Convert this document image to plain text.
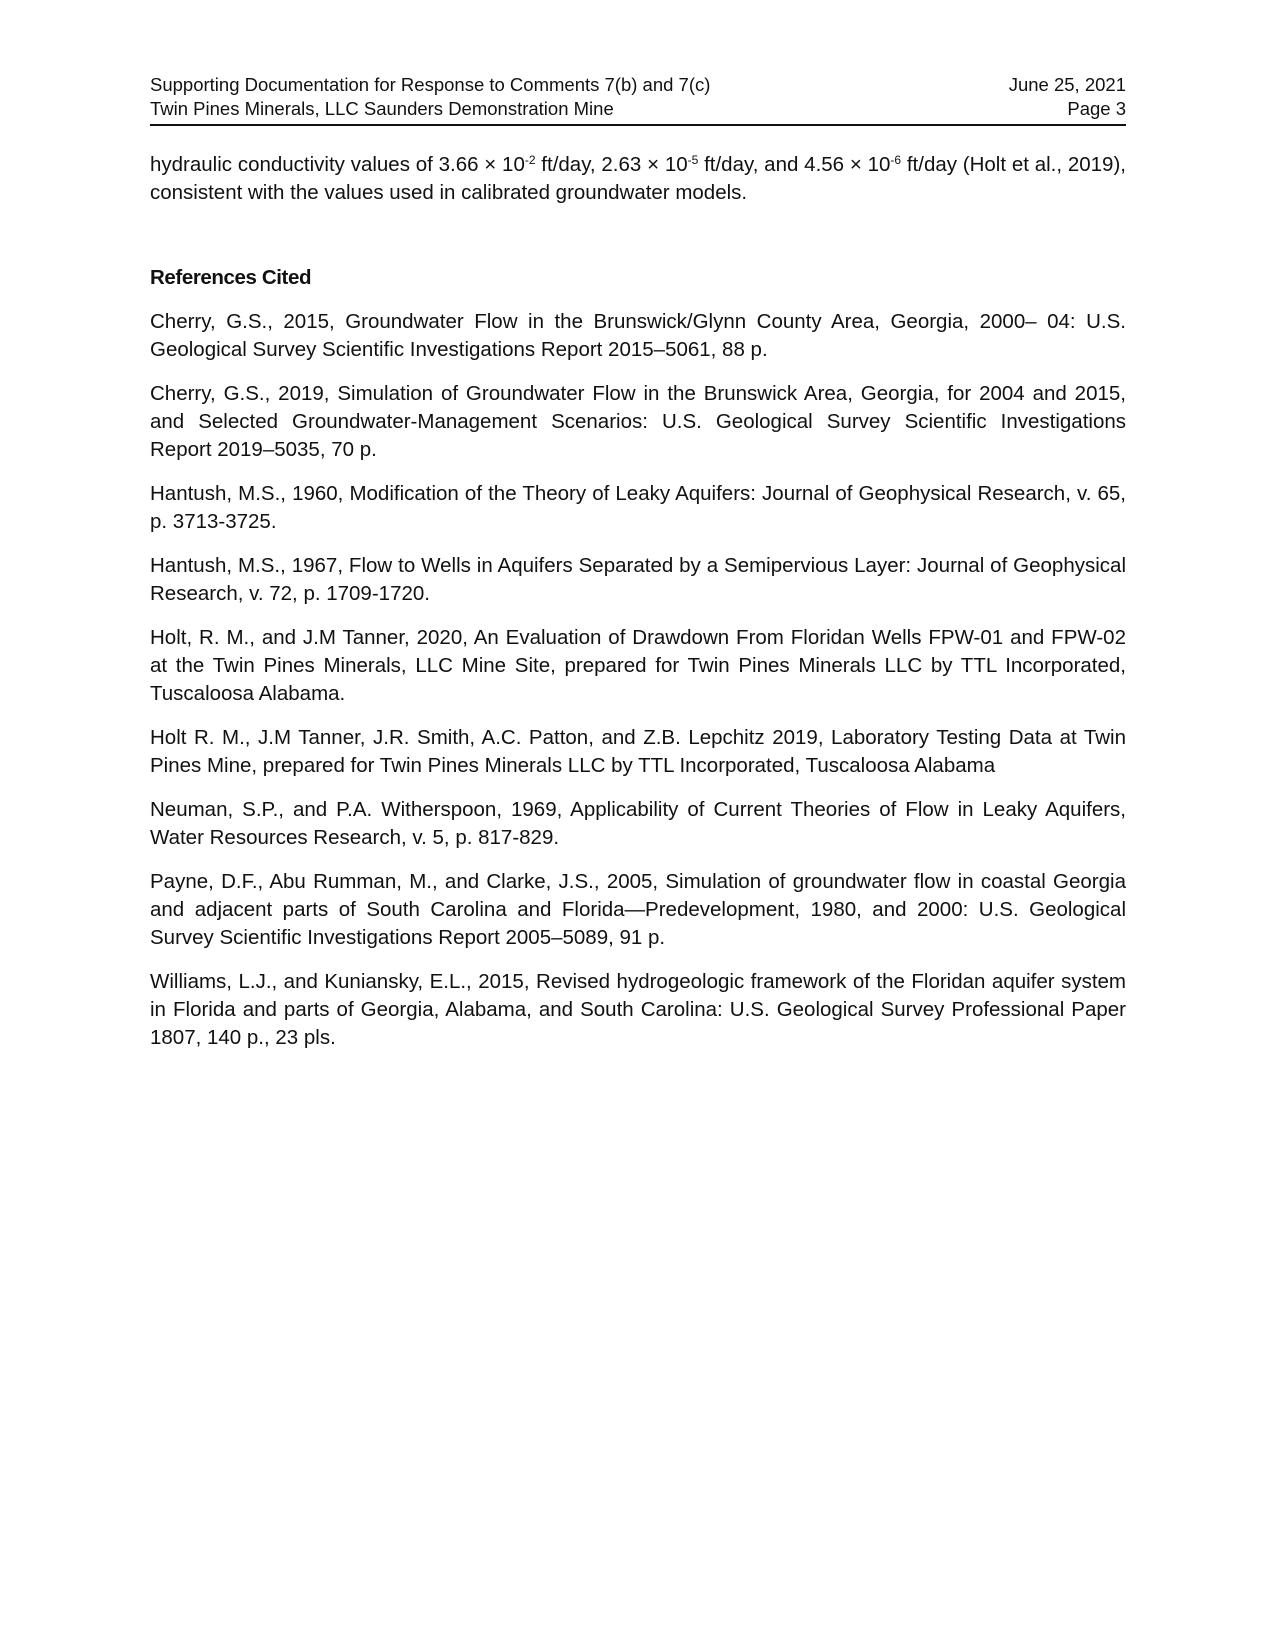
Supporting Documentation for Response to Comments 7(b) and 7(c)	June 25, 2021
Twin Pines Minerals, LLC Saunders Demonstration Mine	Page 3

hydraulic conductivity values of $3.66 \times 10^{-2}$ ft/day, $2.63 \times 10^{-5}$ ft/day, and $4.56 \times 10^{-6}$ ft/day (Holt et al., 2019), consistent with the values used in calibrated groundwater models.

References Cited

Cherry, G.S., 2015, Groundwater Flow in the Brunswick/Glynn County Area, Georgia, 2000– 04: U.S. Geological Survey Scientific Investigations Report 2015–5061, 88 p.

Cherry, G.S., 2019, Simulation of Groundwater Flow in the Brunswick Area, Georgia, for 2004 and 2015, and Selected Groundwater-Management Scenarios: U.S. Geological Survey Scientific Investigations Report 2019–5035, 70 p.

Hantush, M.S., 1960, Modification of the Theory of Leaky Aquifers: Journal of Geophysical Research, v. 65, p. 3713-3725.

Hantush, M.S., 1967, Flow to Wells in Aquifers Separated by a Semipervious Layer: Journal of Geophysical Research, v. 72, p. 1709-1720.

Holt, R. M., and J.M Tanner, 2020, An Evaluation of Drawdown From Floridan Wells FPW-01 and FPW-02 at the Twin Pines Minerals, LLC Mine Site, prepared for Twin Pines Minerals LLC by TTL Incorporated, Tuscaloosa Alabama.

Holt R. M., J.M Tanner, J.R. Smith, A.C. Patton, and Z.B. Lepchitz 2019, Laboratory Testing Data at Twin Pines Mine, prepared for Twin Pines Minerals LLC by TTL Incorporated, Tuscaloosa Alabama

Neuman, S.P., and P.A. Witherspoon, 1969, Applicability of Current Theories of Flow in Leaky Aquifers, Water Resources Research, v. 5, p. 817-829.

Payne, D.F., Abu Rumman, M., and Clarke, J.S., 2005, Simulation of groundwater flow in coastal Georgia and adjacent parts of South Carolina and Florida—Predevelopment, 1980, and 2000: U.S. Geological Survey Scientific Investigations Report 2005–5089, 91 p.

Williams, L.J., and Kuniansky, E.L., 2015, Revised hydrogeologic framework of the Floridan aquifer system in Florida and parts of Georgia, Alabama, and South Carolina: U.S. Geological Survey Professional Paper 1807, 140 p., 23 pls.
